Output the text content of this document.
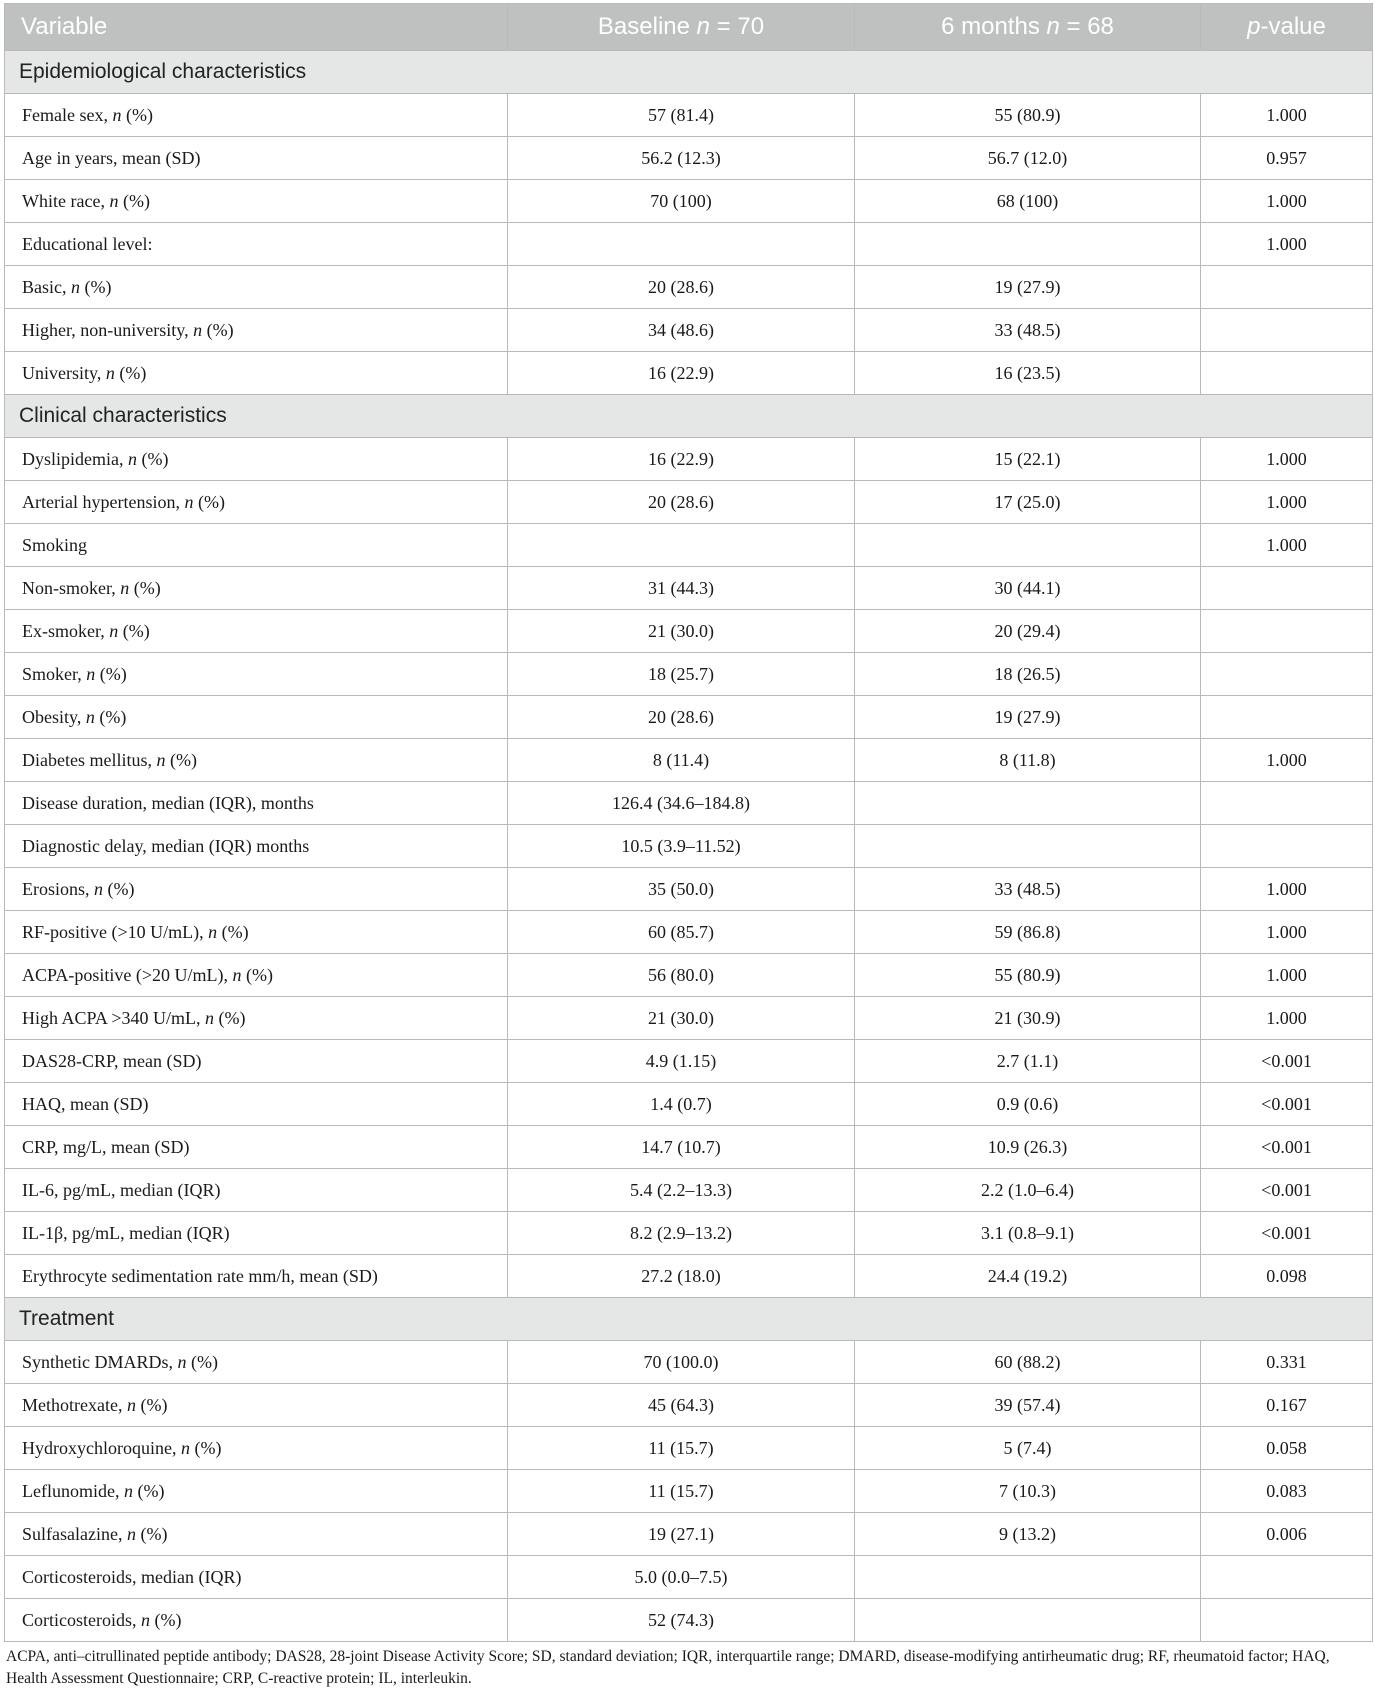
Variable	Baseline n = 70	6 months n = 68	p-value
Epidemiological characteristics			
Female sex, n (%)	57 (81.4)	55 (80.9)	1.000
Age in years, mean (SD)	56.2 (12.3)	56.7 (12.0)	0.957
White race, n (%)	70 (100)	68 (100)	1.000
Educational level:			1.000
Basic, n (%)	20 (28.6)	19 (27.9)	
Higher, non-university, n (%)	34 (48.6)	33 (48.5)	
University, n (%)	16 (22.9)	16 (23.5)	
Clinical characteristics			
Dyslipidemia, n (%)	16 (22.9)	15 (22.1)	1.000
Arterial hypertension, n (%)	20 (28.6)	17 (25.0)	1.000
Smoking			1.000
Non-smoker, n (%)	31 (44.3)	30 (44.1)	
Ex-smoker, n (%)	21 (30.0)	20 (29.4)	
Smoker, n (%)	18 (25.7)	18 (26.5)	
Obesity, n (%)	20 (28.6)	19 (27.9)	
Diabetes mellitus, n (%)	8 (11.4)	8 (11.8)	1.000
Disease duration, median (IQR), months	126.4 (34.6–184.8)		
Diagnostic delay, median (IQR) months	10.5 (3.9–11.52)		
Erosions, n (%)	35 (50.0)	33 (48.5)	1.000
RF-positive (>10 U/mL), n (%)	60 (85.7)	59 (86.8)	1.000
ACPA-positive (>20 U/mL), n (%)	56 (80.0)	55 (80.9)	1.000
High ACPA >340 U/mL, n (%)	21 (30.0)	21 (30.9)	1.000
DAS28-CRP, mean (SD)	4.9 (1.15)	2.7 (1.1)	<0.001
HAQ, mean (SD)	1.4 (0.7)	0.9 (0.6)	<0.001
CRP, mg/L, mean (SD)	14.7 (10.7)	10.9 (26.3)	<0.001
IL-6, pg/mL, median (IQR)	5.4 (2.2–13.3)	2.2 (1.0–6.4)	<0.001
IL-1β, pg/mL, median (IQR)	8.2 (2.9–13.2)	3.1 (0.8–9.1)	<0.001
Erythrocyte sedimentation rate mm/h, mean (SD)	27.2 (18.0)	24.4 (19.2)	0.098
Treatment			
Synthetic DMARDs, n (%)	70 (100.0)	60 (88.2)	0.331
Methotrexate, n (%)	45 (64.3)	39 (57.4)	0.167
Hydroxychloroquine, n (%)	11 (15.7)	5 (7.4)	0.058
Leflunomide, n (%)	11 (15.7)	7 (10.3)	0.083
Sulfasalazine, n (%)	19 (27.1)	9 (13.2)	0.006
Corticosteroids, median (IQR)	5.0 (0.0–7.5)		
Corticosteroids, n (%)	52 (74.3)		
ACPA, anti–citrullinated peptide antibody; DAS28, 28-joint Disease Activity Score; SD, standard deviation; IQR, interquartile range; DMARD, disease-modifying antirheumatic drug; RF, rheumatoid factor; HAQ, Health Assessment Questionnaire; CRP, C-reactive protein; IL, interleukin.
